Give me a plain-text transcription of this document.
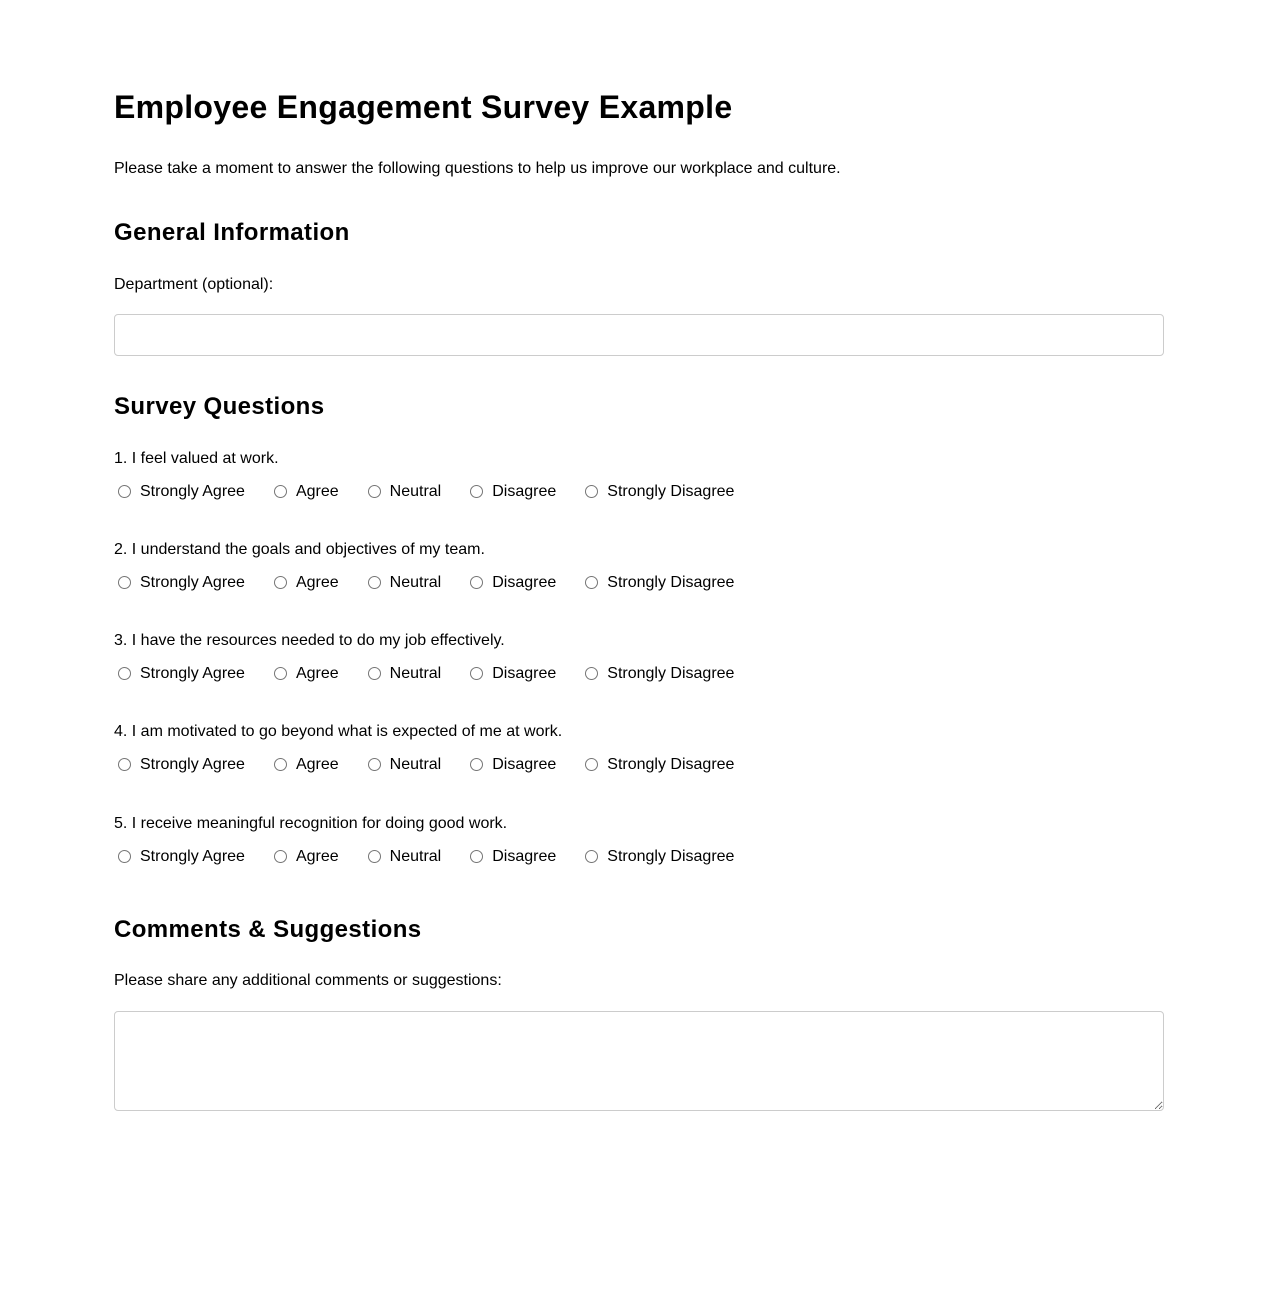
Employee Engagement Survey Example

Please take a moment to answer the following questions to help us improve our workplace and culture.

General Information

Department (optional):

Survey Questions
1. I feel valued at work.
Strongly Agree	Agree	Neutral	Disagree	Strongly Disagree
2. I understand the goals and objectives of my team.
Strongly Agree	Agree	Neutral	Disagree	Strongly Disagree
3. I have the resources needed to do my job effectively.
Strongly Agree	Agree	Neutral	Disagree	Strongly Disagree
4. I am motivated to go beyond what is expected of me at work.
Strongly Agree	Agree	Neutral	Disagree	Strongly Disagree
5. I receive meaningful recognition for doing good work.
Strongly Agree	Agree	Neutral	Disagree	Strongly Disagree
Comments & Suggestions

Please share any additional comments or suggestions:
